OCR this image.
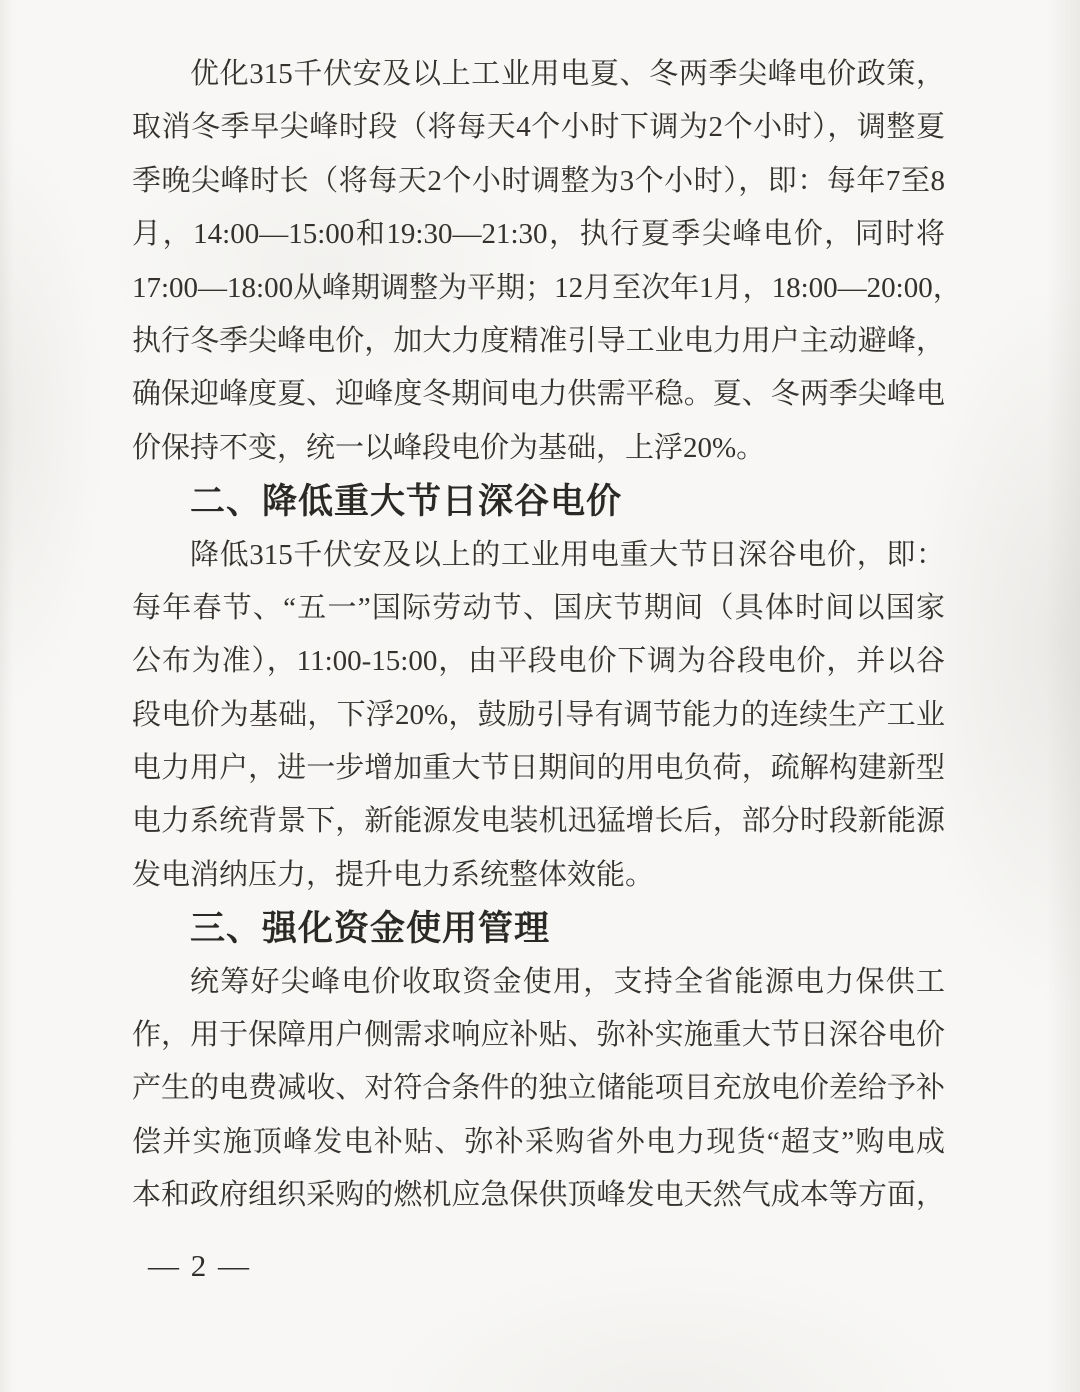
优化315千伏安及以上工业用电夏、冬两季尖峰电价政策，
取消冬季早尖峰时段（将每天4个小时下调为2个小时），调整夏
季晚尖峰时长（将每天2个小时调整为3个小时），即：每年7至8
月，14:00—15:00和19:30—21:30，执行夏季尖峰电价，同时将
17:00—18:00从峰期调整为平期；12月至次年1月，18:00—20:00，
执行冬季尖峰电价，加大力度精准引导工业电力用户主动避峰，
确保迎峰度夏、迎峰度冬期间电力供需平稳。夏、冬两季尖峰电
价保持不变，统一以峰段电价为基础，上浮20%。
二、降低重大节日深谷电价
降低315千伏安及以上的工业用电重大节日深谷电价，即：
每年春节、“五一”国际劳动节、国庆节期间（具体时间以国家
公布为准），11:00-15:00，由平段电价下调为谷段电价，并以谷
段电价为基础，下浮20%，鼓励引导有调节能力的连续生产工业
电力用户，进一步增加重大节日期间的用电负荷，疏解构建新型
电力系统背景下，新能源发电装机迅猛增长后，部分时段新能源
发电消纳压力，提升电力系统整体效能。
三、强化资金使用管理
统筹好尖峰电价收取资金使用，支持全省能源电力保供工
作，用于保障用户侧需求响应补贴、弥补实施重大节日深谷电价
产生的电费减收、对符合条件的独立储能项目充放电价差给予补
偿并实施顶峰发电补贴、弥补采购省外电力现货“超支”购电成
本和政府组织采购的燃机应急保供顶峰发电天然气成本等方面，
— 2 —
